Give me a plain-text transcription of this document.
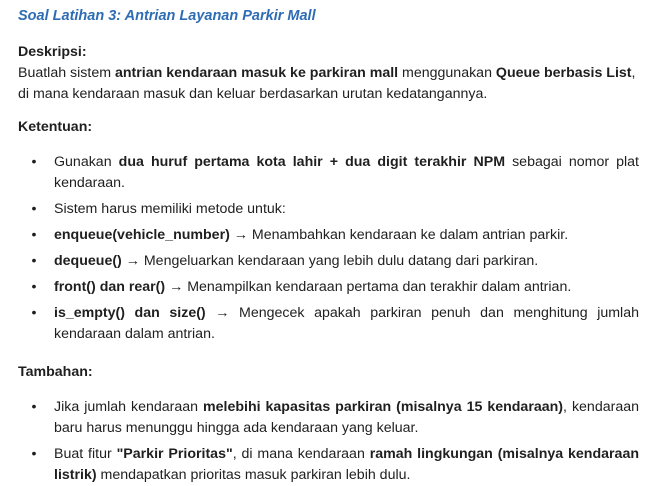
Soal Latihan 3: Antrian Layanan Parkir Mall

Deskripsi:

Buatlah sistem antrian kendaraan masuk ke parkiran mall menggunakan Queue berbasis List, di mana kendaraan masuk dan keluar berdasarkan urutan kedatangannya.

Ketentuan:

• Gunakan dua huruf pertama kota lahir + dua digit terakhir NPM sebagai nomor plat kendaraan.
• Sistem harus memiliki metode untuk:
• enqueue(vehicle_number) → Menambahkan kendaraan ke dalam antrian parkir.
• dequeue() → Mengeluarkan kendaraan yang lebih dulu datang dari parkiran.
• front() dan rear() → Menampilkan kendaraan pertama dan terakhir dalam antrian.
• is_empty() dan size() → Mengecek apakah parkiran penuh dan menghitung jumlah kendaraan dalam antrian.

Tambahan:

• Jika jumlah kendaraan melebihi kapasitas parkiran (misalnya 15 kendaraan), kendaraan baru harus menunggu hingga ada kendaraan yang keluar.
• Buat fitur "Parkir Prioritas", di mana kendaraan ramah lingkungan (misalnya kendaraan listrik) mendapatkan prioritas masuk parkiran lebih dulu.
